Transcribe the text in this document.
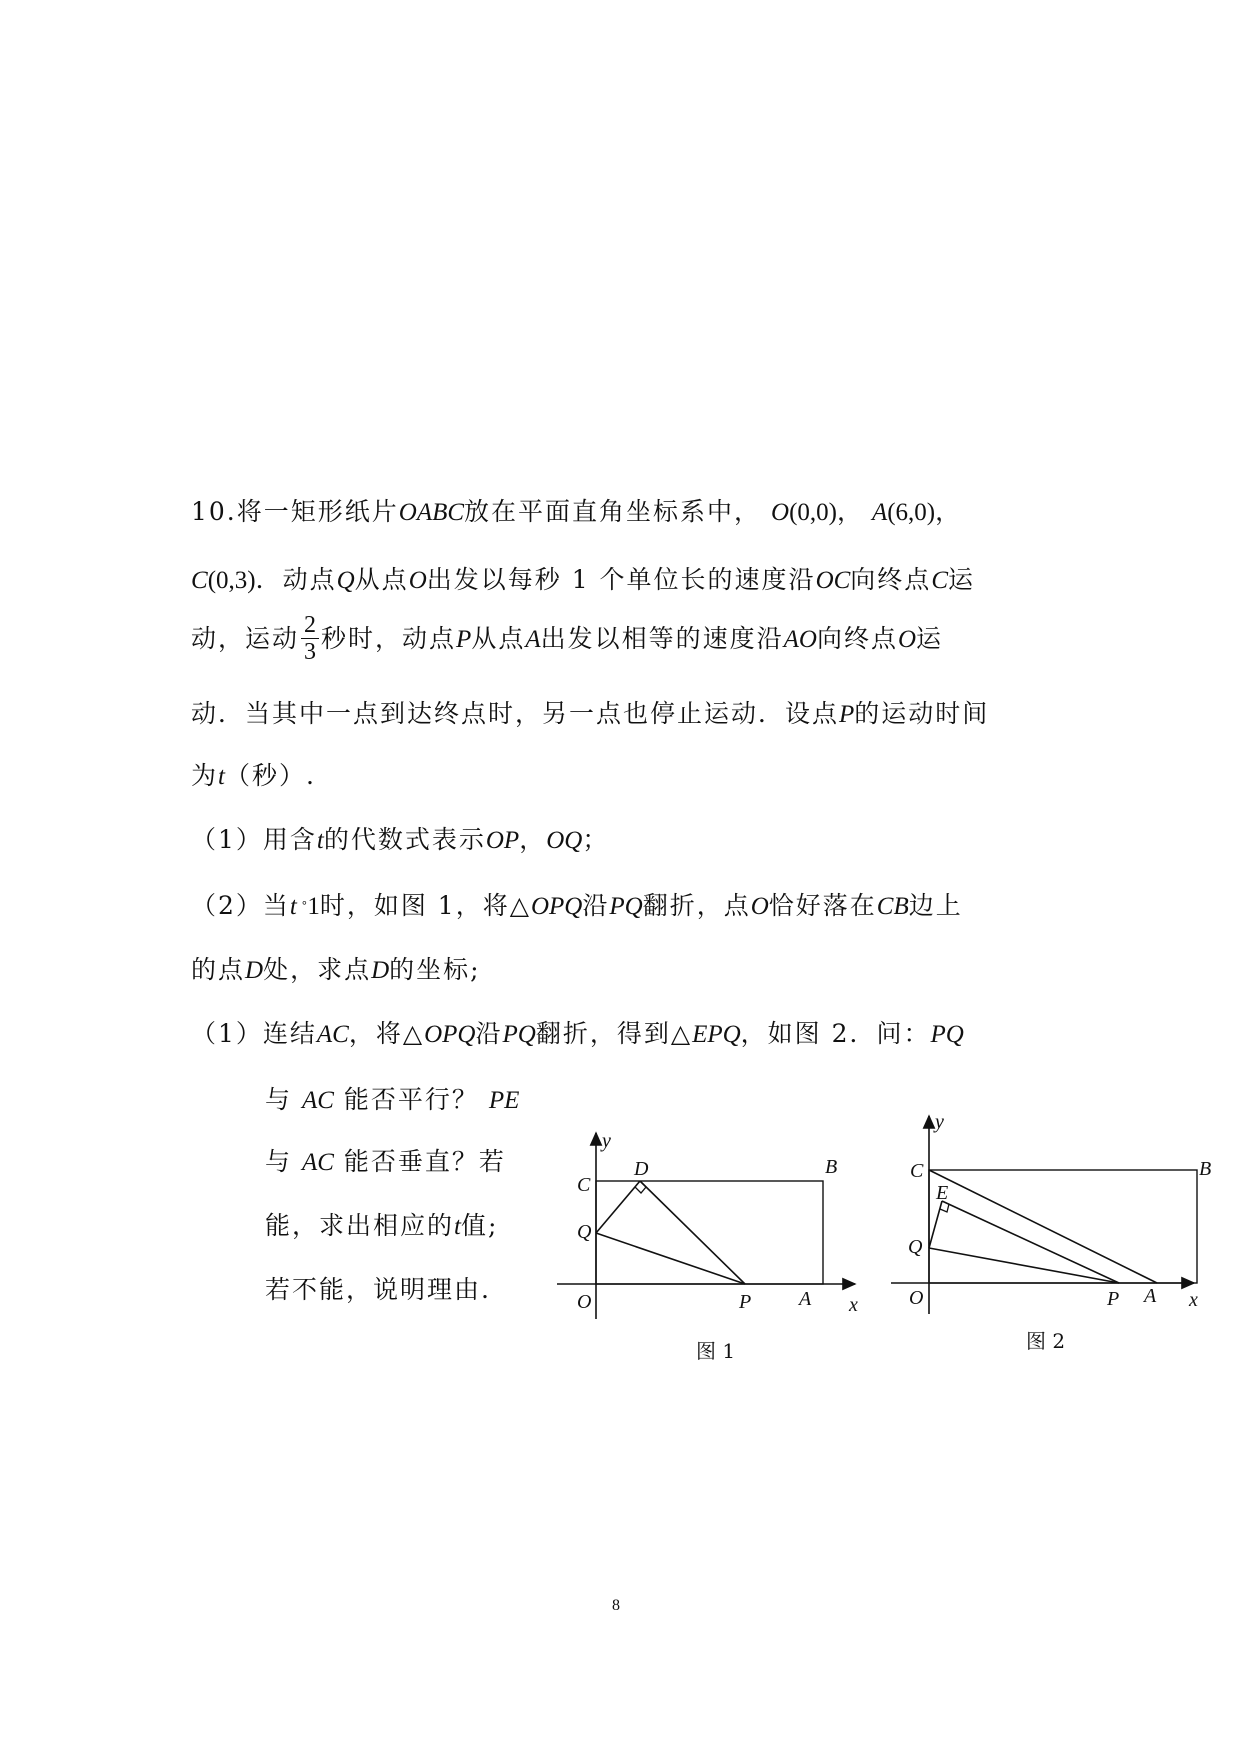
10.将一矩形纸片OABC放在平面直角坐标系中， O(0,0)， A(6,0)，
C(0,3)．动点Q从点O出发以每秒 1 个单位长的速度沿OC向终点C运
动，运动 $\frac{2}{3}$ 秒时，动点P从点A出发以相等的速度沿AO向终点O运
动．当其中一点到达终点时，另一点也停止运动．设点P的运动时间
为t（秒）.
（1）用含t的代数式表示OP，OQ；
（2）当t ˚1时，如图 1，将△OPQ沿PQ翻折，点O恰好落在CB边上
的点D处，求点D的坐标;
（1）连结AC，将△OPQ沿PQ翻折，得到△EPQ，如图 2．问：PQ
与 AC 能否平行？ PE
与 AC 能否垂直？若
能，求出相应的t值;
若不能，说明理由.
y
C
D	B
Q
O	P A x
图 1
y
C	B
E
Q
O	P A x
图 2
8
